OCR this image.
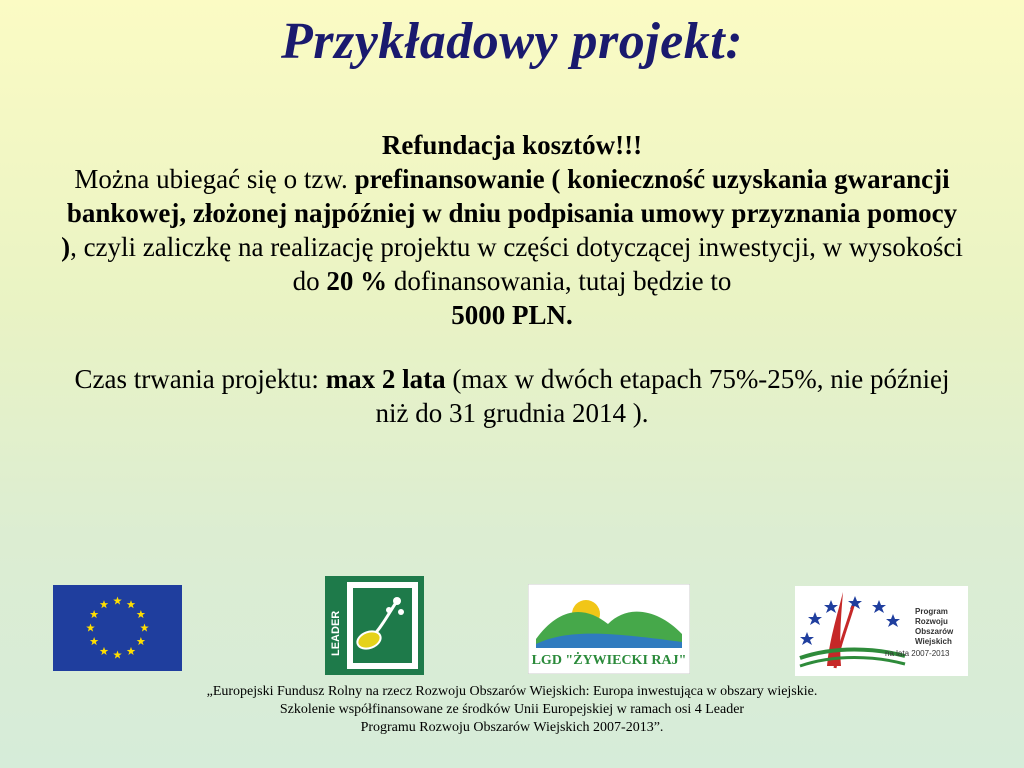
Przykładowy projekt:
Refundacja kosztów!!!
Można ubiegać się o tzw. prefinansowanie ( konieczność uzyskania gwarancji bankowej, złożonej najpóźniej w dniu podpisania umowy przyznania pomocy ), czyli zaliczkę na realizację projektu w części dotyczącej inwestycji, w wysokości do 20 % dofinansowania, tutaj będzie to
5000 PLN.
Czas trwania projektu: max 2 lata (max w dwóch etapach 75%-25%, nie później niż do 31 grudnia 2014 ).
LEADER
LGD "ŻYWIECKI RAJ"
Program
Rozwoju
Obszarów
Wiejskich
na lata 2007-2013
„Europejski Fundusz Rolny na rzecz Rozwoju Obszarów Wiejskich: Europa inwestująca w obszary wiejskie.
Szkolenie współfinansowane ze środków Unii Europejskiej w ramach osi 4 Leader
Programu Rozwoju Obszarów Wiejskich 2007-2013”.
